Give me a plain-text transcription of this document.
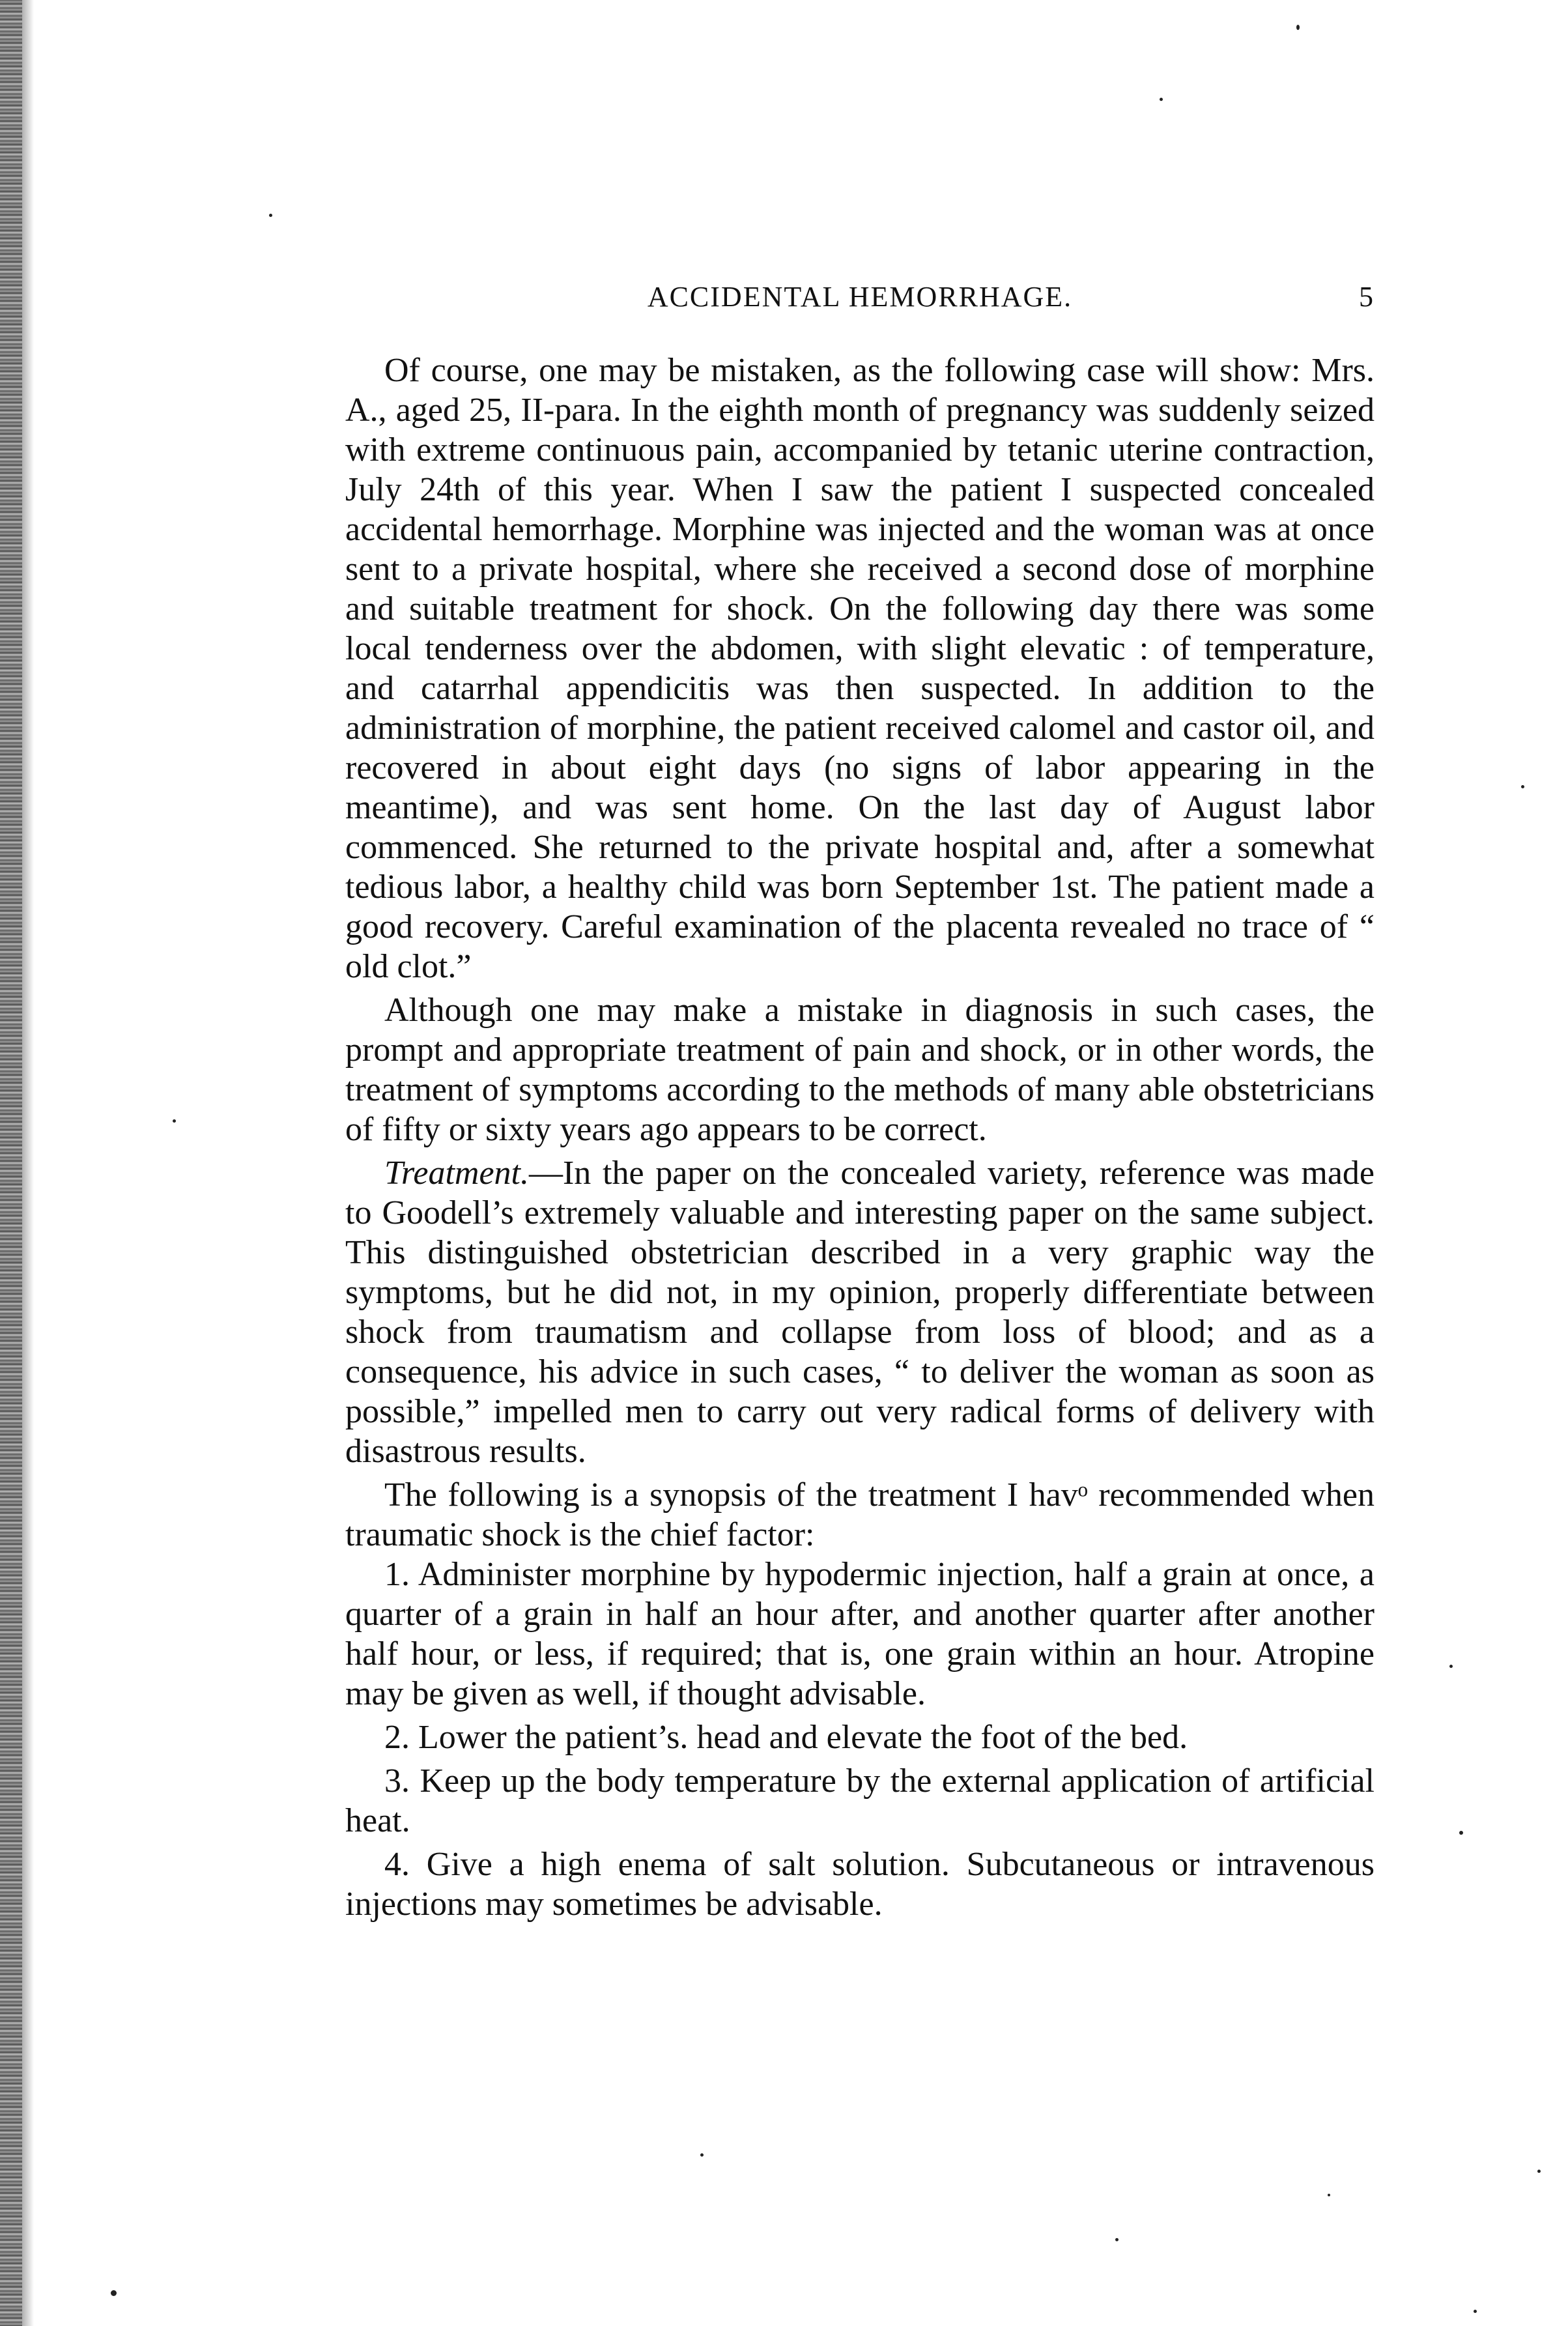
ACCIDENTAL HEMORRHAGE.	5

Of course, one may be mistaken, as the following case will show: Mrs. A., aged 25, II-para. In the eighth month of pregnancy was suddenly seized with extreme continuous pain, accompanied by tetanic uterine contraction, July 24th of this year. When I saw the patient I suspected concealed accidental hemorrhage. Morphine was injected and the woman was at once sent to a private hospital, where she received a second dose of morphine and suitable treatment for shock. On the following day there was some local tenderness over the abdomen, with slight elevatic : of temperature, and catarrhal appendicitis was then suspected. In addition to the administration of morphine, the patient received calomel and castor oil, and recovered in about eight days (no signs of labor appearing in the meantime), and was sent home. On the last day of August labor commenced. She returned to the private hospital and, after a somewhat tedious labor, a healthy child was born September 1st. The patient made a good recovery. Careful examination of the placenta revealed no trace of “ old clot.”

Although one may make a mistake in diagnosis in such cases, the prompt and appropriate treatment of pain and shock, or in other words, the treatment of symptoms according to the methods of many able obstetricians of fifty or sixty years ago appears to be correct.

Treatment.—In the paper on the concealed variety, reference was made to Goodell’s extremely valuable and interesting paper on the same subject. This distinguished obstetrician described in a very graphic way the symptoms, but he did not, in my opinion, properly differentiate between shock from traumatism and collapse from loss of blood; and as a consequence, his advice in such cases, “ to deliver the woman as soon as possible,” impelled men to carry out very radical forms of delivery with disastrous results.

The following is a synopsis of the treatment I havᵒ recommended when traumatic shock is the chief factor:

1. Administer morphine by hypodermic injection, half a grain at once, a quarter of a grain in half an hour after, and another quarter after another half hour, or less, if required; that is, one grain within an hour. Atropine may be given as well, if thought advisable.

2. Lower the patient’s. head and elevate the foot of the bed.

3. Keep up the body temperature by the external application of artificial heat.

4. Give a high enema of salt solution. Subcutaneous or intravenous injections may sometimes be advisable.
